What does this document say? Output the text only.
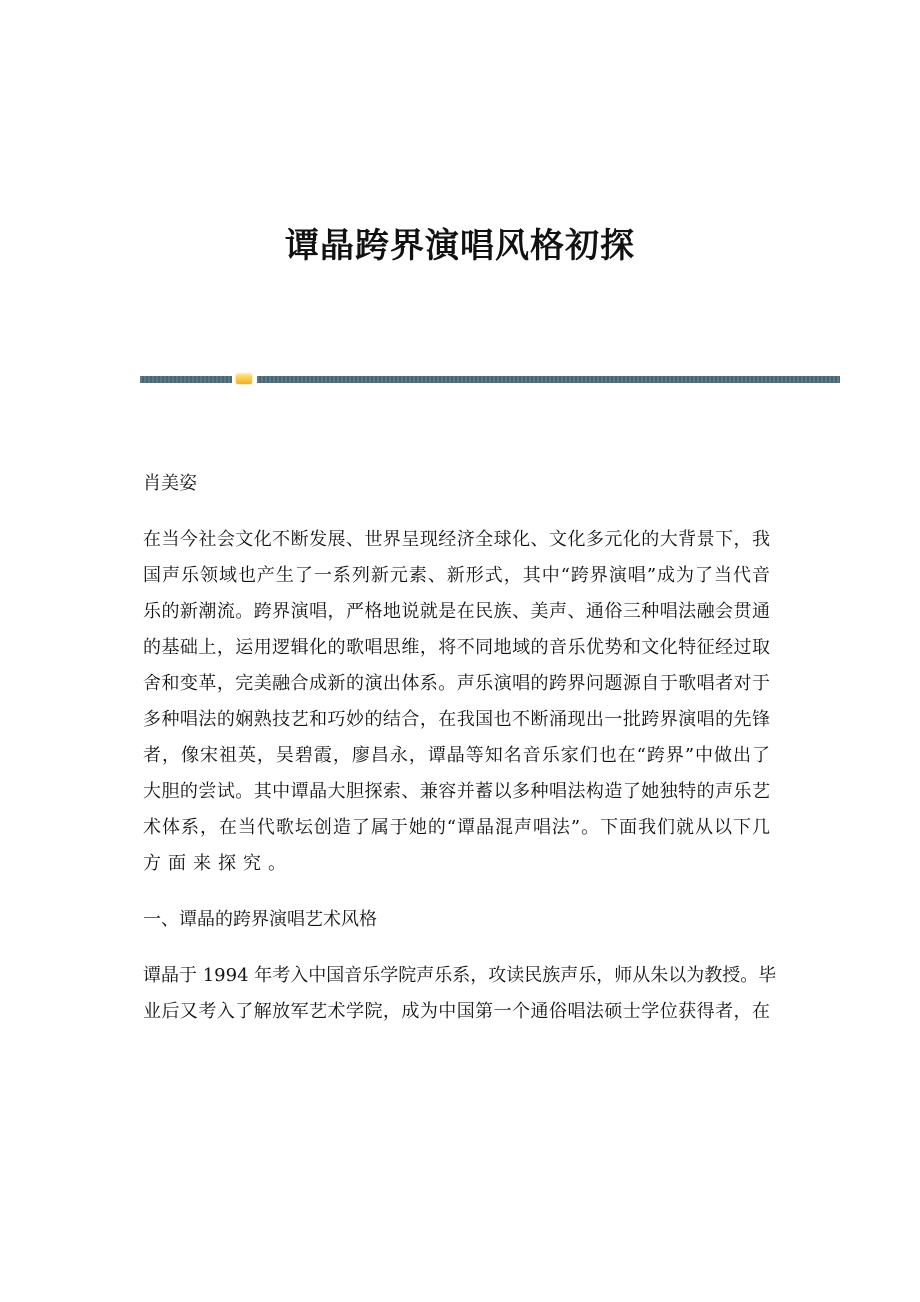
谭晶跨界演唱风格初探
肖美姿
在当今社会文化不断发展、世界呈现经济全球化、文化多元化的大背景下，我
国声乐领域也产生了一系列新元素、新形式，其中“跨界演唱”成为了当代音
乐的新潮流。跨界演唱，严格地说就是在民族、美声、通俗三种唱法融会贯通
的基础上，运用逻辑化的歌唱思维，将不同地域的音乐优势和文化特征经过取
舍和变革，完美融合成新的演出体系。声乐演唱的跨界问题源自于歌唱者对于
多种唱法的娴熟技艺和巧妙的结合，在我国也不断涌现出一批跨界演唱的先锋
者，像宋祖英，吴碧霞，廖昌永，谭晶等知名音乐家们也在“跨界”中做出了
大胆的尝试。其中谭晶大胆探索、兼容并蓄以多种唱法构造了她独特的声乐艺
术体系，在当代歌坛创造了属于她的“谭晶混声唱法”。下面我们就从以下几
方面来探究。
一、谭晶的跨界演唱艺术风格
谭晶于 1994 年考入中国音乐学院声乐系，攻读民族声乐，师从朱以为教授。毕
业后又考入了解放军艺术学院，成为中国第一个通俗唱法硕士学位获得者，在
